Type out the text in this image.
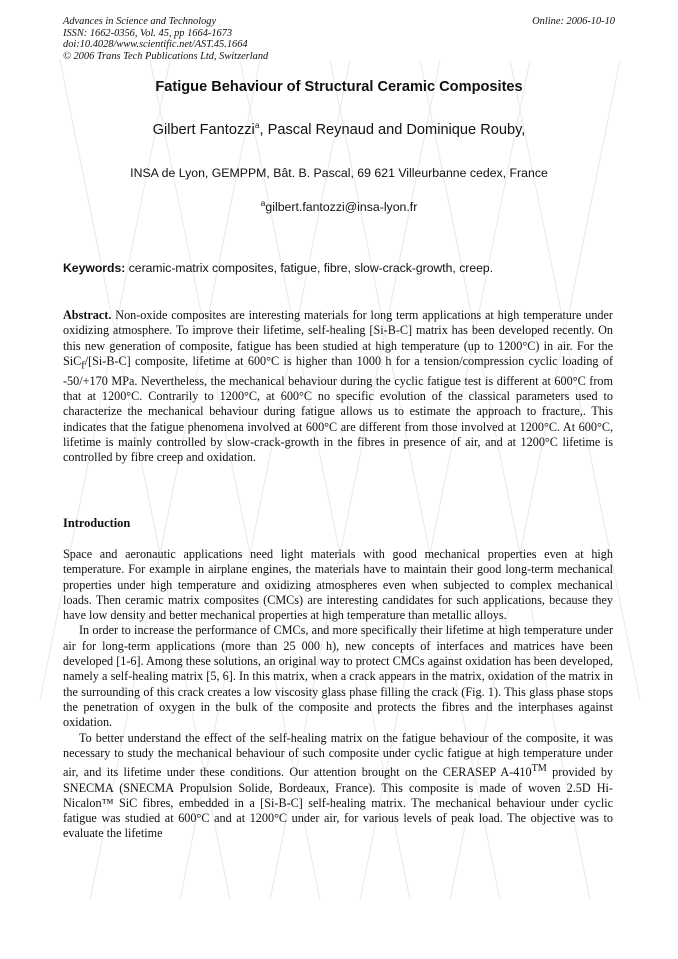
Advances in Science and Technology
ISSN: 1662-0356, Vol. 45, pp 1664-1673
doi:10.4028/www.scientific.net/AST.45.1664
© 2006 Trans Tech Publications Ltd, Switzerland
Online: 2006-10-10
Fatigue Behaviour of Structural Ceramic Composites
Gilbert Fantozzi$^a$, Pascal Reynaud and Dominique Rouby,
INSA de Lyon, GEMPPM, Bât. B. Pascal, 69 621 Villeurbanne cedex, France
$^a$gilbert.fantozzi@insa-lyon.fr
Keywords: ceramic-matrix composites, fatigue, fibre, slow-crack-growth, creep.

Abstract. Non-oxide composites are interesting materials for long term applications at high temperature under oxidizing atmosphere. To improve their lifetime, self-healing [Si-B-C] matrix has been developed recently. On this new generation of composite, fatigue has been studied at high temperature (up to 1200°C) in air. For the SiC$_f$/[Si-B-C] composite, lifetime at 600°C is higher than 1000 h for a tension/compression cyclic loading of -50/+170 MPa. Nevertheless, the mechanical behaviour during the cyclic fatigue test is different at 600°C from that at 1200°C. Contrarily to 1200°C, at 600°C no specific evolution of the classical parameters used to characterize the mechanical behaviour during fatigue allows us to estimate the approach to fracture,. This indicates that the fatigue phenomena involved at 600°C are different from those involved at 1200°C. At 600°C, lifetime is mainly controlled by slow-crack-growth in the fibres in presence of air, and at 1200°C lifetime is controlled by fibre creep and oxidation.

Introduction

Space and aeronautic applications need light materials with good mechanical properties even at high temperature. For example in airplane engines, the materials have to maintain their good long-term mechanical properties under high temperature and oxidizing atmospheres even when subjected to complex mechanical loads. Then ceramic matrix composites (CMCs) are interesting candidates for such applications, because they have low density and better mechanical properties at high temperature than metallic alloys.

In order to increase the performance of CMCs, and more specifically their lifetime at high temperature under air for long-term applications (more than 25 000 h), new concepts of interfaces and matrices have been developed [1-6]. Among these solutions, an original way to protect CMCs against oxidation has been developed, namely a self-healing matrix [5, 6]. In this matrix, when a crack appears in the matrix, oxidation of the matrix in the surrounding of this crack creates a low viscosity glass phase filling the crack (Fig. 1). This glass phase stops the penetration of oxygen in the bulk of the composite and protects the fibres and the interphases against oxidation.

To better understand the effect of the self-healing matrix on the fatigue behaviour of the composite, it was necessary to study the mechanical behaviour of such composite under cyclic fatigue at high temperature under air, and its lifetime under these conditions. Our attention brought on the CERASEP A-410™ provided by SNECMA (SNECMA Propulsion Solide, Bordeaux, France). This composite is made of woven 2.5D Hi-Nicalon™ SiC fibres, embedded in a [Si-B-C] self-healing matrix. The mechanical behaviour under cyclic fatigue was studied at 600°C and at 1200°C under air, for various levels of peak load. The objective was to evaluate the lifetime
